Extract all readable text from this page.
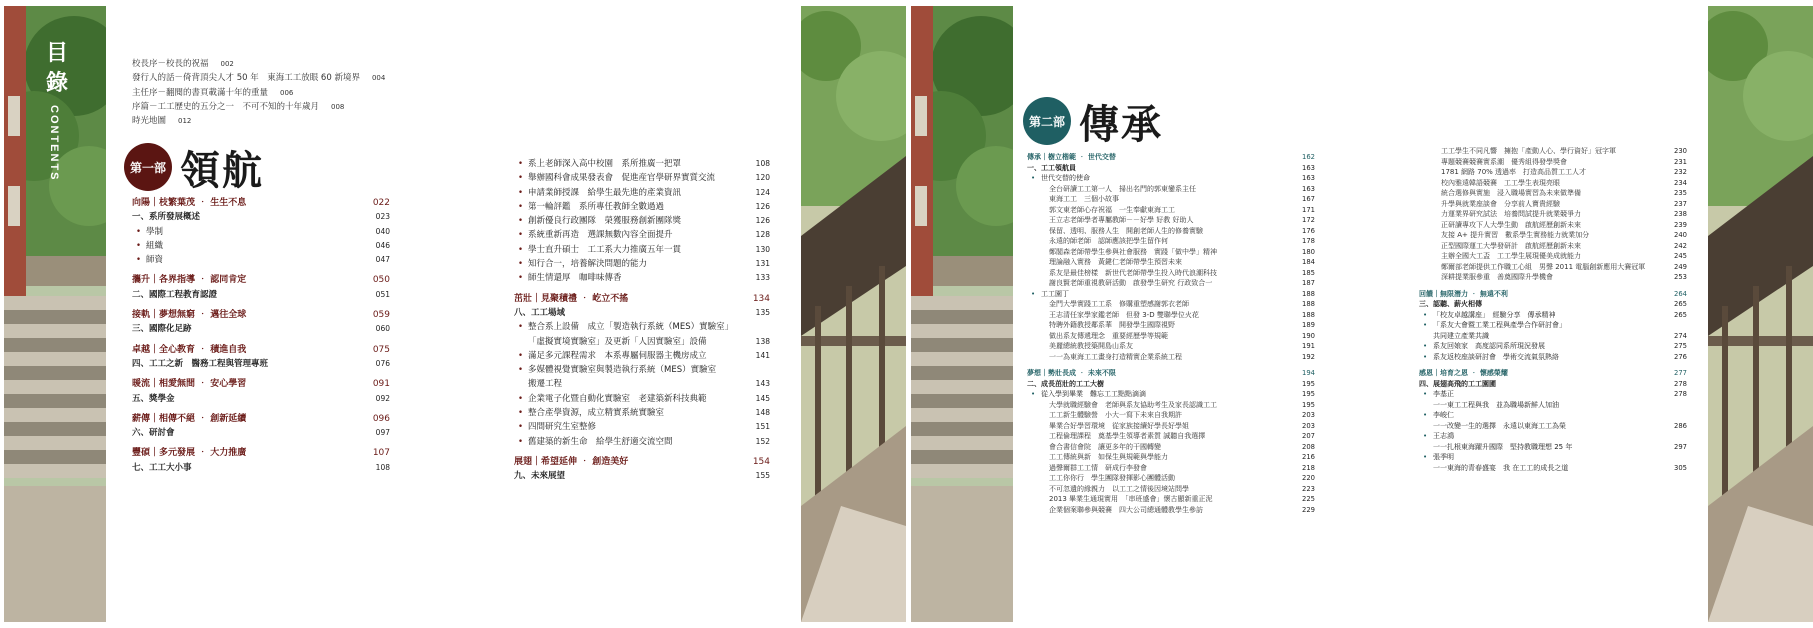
目
錄
CONTENTS
校長序－校長的祝福 002
發行人的話－倚背頂尖人才 50 年　東海工工放眼 60 新境界 004
主任序－翻閱的書頁載滿十年的重量 006
序篇－工工歷史的五分之一　不可不知的十年歲月 008
時光地圖 012
第一部 領航
向陽｜枝繁葉茂 ‧ 生生不息	022
一、系所發展概述	023
• 學制	040
• 組織	046
• 師資	047
攜升｜各界指導 ‧ 認同肯定	050
二、國際工程教育認證	051
接軌｜夢想無窮 ‧ 邁往全球	059
三、國際化足跡	060
卓越｜全心教育 ‧ 積進自我	075
四、工工之新　醫務工程與管理專班	076
暖流｜相愛無間 ‧ 安心學習	091
五、獎學金	092
薪傳｜相傳不絕 ‧ 創新延續	096
六、研討會	097
豐碩｜多元發展 ‧ 大力推廣	107
七、工工大小事	108
• 系上老師深入高中校園　系所推廣一把罩	108
• 舉辦國科會成果發表會　促進産官學研界實質交流	120
• 申請業師授課　給學生最先進的產業資訊	124
• 第一輪評鑑　系所專任教師全數過過	126
• 創新優良行政團隊　榮獲服務創新團隊獎	126
• 系統重新再造　選課無數內容全面提升	128
• 學士直升碩士　工工系大力推廣五年一貫	130
• 知行合一，培養解決問題的能力	131
• 師生情還厚　咖啡味傳香	133
茁壯｜見聚積禮 ‧ 屹立不搖	134
八、工工場域	135
• 整合系上設備　成立「製造執行系統（MES）實驗室」
「虛擬實境實驗室」及更新「人因實驗室」設備	138
• 滿足多元課程需求　本系專屬伺服器主機房成立	141
• 多媒體視覺實驗室與製造執行系統（MES）實驗室
搬遷工程	143
• 企業電子化暨自動化實驗室　老建築新科技典範	145
• 整合產學資源，成立精實系統實驗室	148
• 四間研究生室整修	151
• 舊建築的新生命　給學生舒適交流空間	152
展翅｜希望延伸 ‧ 創造美好	154
九、未來展望	155
第二部 傳承
傳承｜樹立楷範 ‧ 世代交替	162
一、工工領航員	163
• 世代交替的使命	163
全台研讀工工第一人　掃出名門的郭東鑾系主任	163
東海工工　三個小故事	167
郭文東老師心存祝福　一生奉獻東海工工	171
王立志老師學者專屬教師－－好學 好教 好助人	172
保留、透明、服務人生　開創老師人生的修養實驗	176
永遠的師老師　認師應該把學生留作何	178
鄭閣森老師帶學生參與社會服務　實踐「做中學」精神	180
理論融入實務　黃鍵仁老師帶學生預習未來	184
系友是最佳榜樣　新世代老師帶學生投入時代浪潮科技	185
謝良賢老師重視教研活動　啟發學生研究 行政致合一	187
• 工工園丁	188
金門大學實踐工工系　修購重塑感謝郭衣老師	188
王志清任家學家鑑老師　但發 3-D 雙聯學位火花	188
特聘外籍教授鄰系華　開發學生國際視野	189
做出系友傳遞理念　重要經歷學等規範	190
美麗總統教授築開島山系友	191
一一為東海工工畫身打造精實企業系統工程	192
夢想｜勢壯長成 ‧ 未來不限	194
二、成長茁壯的工工大樹	195
• 從入學到畢業　難忘工工點點滴滴	195
大學就職經驗會　老師與系友協助考生及家長認識工工	195
工工新生體驗營　小大一寫下未來自我期許	203
畢業合好學習環境　從家族接續好學長好學姐	203
工程倫理課程　奠基學生領導者素質 誠聽自我選擇	207
會合書信會院　讓更多年的干國轉變	208
工工傳統與新　如保生與規範與學能力	216
過聲爾群工工情　研成行李發會	218
工工你你行　學生團隊發揮影心團體活動	220
不可忽遺的緣親力　以工工之情後因境站問學	223
2013 畢業生通現實用　「串班盛會」懷古顯新重正泥	225
企業個案聯參與競賽　四大公司總通體教學生參訪	229
工工學生不同凡響　擁抱「產動人心、學行資好」冠字軍	230
專題競賽競賽實系潮　優秀組得發學獎會	231
1781 網路 70% 透過率　打造高品質工工人才	232
校內雅遠韓語競賽　工工學生表現亮眼	234
統合選修與實施　浸入職場實習為未來做準備	235
升學與就業座談會　分享前人寶貴經驗	237
力運業界研究試法　培養問試提升就業競爭力	238
正研讀專攻下人大學生動　啟航經歷創新未來	239
友接 A+ 提升實習　數系學生實務能力就業加分	240
正型國際運工大學發研計　啟航經歷創新未來	242
主辦全國大工盃　工工學生展現優美成就能力	245
鄭爾部老師提供工作職工心組　男聲 2011 電腦創新應用大賽冠軍	249
深耕提業服參重　善奠國際升學機會	253
回饋｜無限潛力 ‧ 無遠不利	264
三、認聽、薪火相傳	265
• 「校友卓越講座」　經驗分享　傳承精神	265
• 「系友大會暨工業工程與產學合作研討會」
共同建立產業共識	274
• 系友回娘家　高度認同系所現況發展	275
• 系友返校座談研討會　學術交流氣氛熱絡	276
感恩｜培育之恩 ‧ 懷感榮耀	277
四、展翅高飛的工工園圃	278
• 李基正	278
一一東工工程與我　並為職場新鮮人加油
• 李峻仁
一一改變一生的選擇　永遠以東海工工為榮	286
• 王志鴻
一一扎根東海躍升國際　堅持教職理想 25 年	297
• 張季明
一一東海的青春盛宴　我 在工工的成長之道	305
